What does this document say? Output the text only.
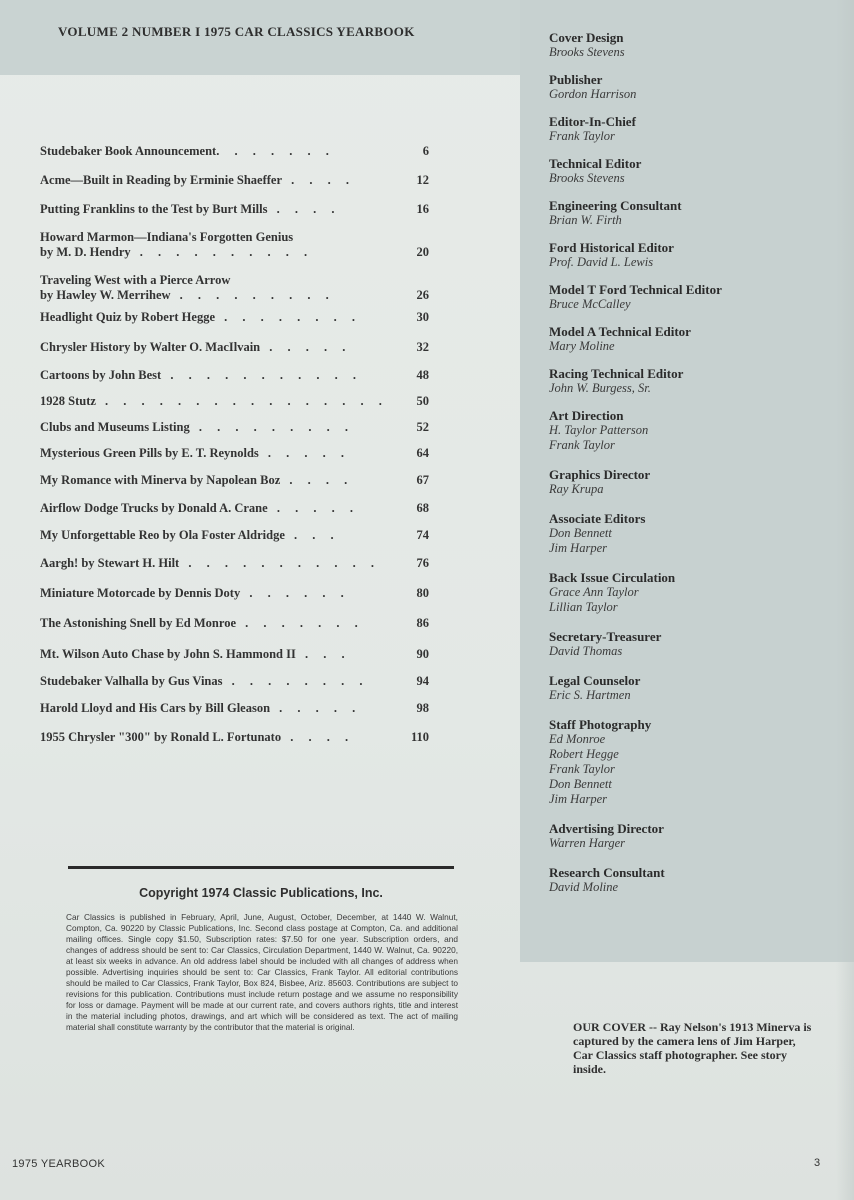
VOLUME 2 NUMBER I 1975 CAR CLASSICS YEARBOOK	Cover Design
Brooks Stevens
Publisher
Gordon Harrison
Editor-In-Chief
Frank Taylor
Technical Editor
Brooks Stevens
Engineering Consultant
Brian W. Firth
Ford Historical Editor
Prof. David L. Lewis
Model T Ford Technical Editor
Bruce McCalley
Model A Technical Editor
Mary Moline
Racing Technical Editor
John W. Burgess, Sr.
Art Direction
H. Taylor Patterson
Frank Taylor
Graphics Director
Ray Krupa
Associate Editors
Don Bennett
Jim Harper
Back Issue Circulation
Grace Ann Taylor
Lillian Taylor
Secretary-Treasurer
David Thomas
Legal Counselor
Eric S. Hartmen
Staff Photography
Ed Monroe
Robert Hegge
Frank Taylor
Don Bennett
Jim Harper
Advertising Director
Warren Harger
Research Consultant
David Moline
Studebaker Book Announcement. . . . . . .	6
Acme—Built in Reading by Erminie Shaeffer . . . .	12
Putting Franklins to the Test by Burt Mills . . . .	16
Howard Marmon—Indiana's Forgotten Genius
by M. D. Hendry . . . . . . . . . .	20
Traveling West with a Pierce Arrow
by Hawley W. Merrihew . . . . . . . . .	26
Headlight Quiz by Robert Hegge . . . . . . . .	30
Chrysler History by Walter O. MacIlvain . . . . .	32
Cartoons by John Best . . . . . . . . . . .	48
1928 Stutz . . . . . . . . . . . . . . . .	50
Clubs and Museums Listing . . . . . . . . .	52
Mysterious Green Pills by E. T. Reynolds . . . . .	64
My Romance with Minerva by Napolean Boz . . . .	67
Airflow Dodge Trucks by Donald A. Crane . . . . .	68
My Unforgettable Reo by Ola Foster Aldridge . . .	74
Aargh! by Stewart H. Hilt . . . . . . . . . . .	76
Miniature Motorcade by Dennis Doty . . . . . .	80
The Astonishing Snell by Ed Monroe . . . . . . .	86
Mt. Wilson Auto Chase by John S. Hammond II . . .	90
Studebaker Valhalla by Gus Vinas . . . . . . . .	94
Harold Lloyd and His Cars by Bill Gleason . . . . .	98
1955 Chrysler "300" by Ronald L. Fortunato . . . .	110
Copyright 1974 Classic Publications, Inc.
Car Classics is published in February, April, June, August, October, December, at 1440 W. Walnut, Compton, Ca. 90220 by Classic Publications, Inc. Second class postage at Compton, Ca. and additional mailing offices. Single copy $1.50, Subscription rates: $7.50 for one year. Subscription orders, and changes of address should be sent to: Car Classics, Circulation Department, 1440 W. Walnut, Ca. 90220, at least six weeks in advance. An old address label should be included with all changes of address when possible. Advertising inquiries should be sent to: Car Classics, Frank Taylor. All editorial contributions should be mailed to Car Classics, Frank Taylor, Box 824, Bisbee, Ariz. 85603. Contributions are subject to revisions for this publication. Contributions must include return postage and we assume no responsibility for loss or damage. Payment will be made at our current rate, and covers authors rights, title and interest in the material including photos, drawings, and art which will be considered as text. The act of mailing material shall constitute warranty by the contributor that the material is original.	OUR COVER -- Ray Nelson's 1913 Minerva is captured by the camera lens of Jim Harper, Car Classics staff photographer. See story inside.
1975 YEARBOOK	3
